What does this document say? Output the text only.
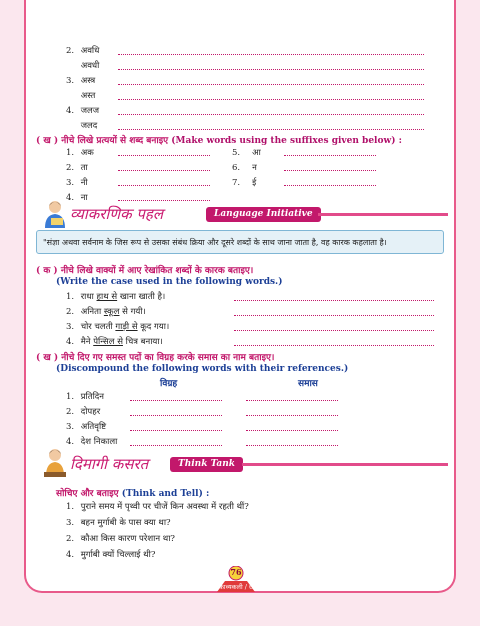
2. अवधि
अवधी
3. अस्त्र
अस्त
4. जलज
जलद
( ख ) नीचे लिखे प्रत्ययों से शब्द बनाइए (Make words using the suffixes given below) :
1. अक
2. ता
3. नी
4. ना
5. आ
6. न
7. ई
व्याकरणिक पहल	Language Initiative
"संज्ञा अथवा सर्वनाम के जिस रूप से उसका संबंध क्रिया और दूसरे शब्दों के साथ जाना जाता है, वह कारक कहलाता है।
( क ) नीचे लिखे वाक्यों में आए रेखांकित शब्दों के कारक बताइए।
(Write the case used in the following words.)
1. राधा हाथ से खाना खाती है।
2. अनिता स्कूल से गयी।
3. चोर चलती गाड़ी से कूद गया।
4. मैने पेन्सिल से चित्र बनाया।
( ख ) नीचे दिए गए समस्त पदों का विग्रह करके समास का नाम बताइए।
(Discompound the following words with their references.)
विग्रह	समास
1. प्रतिदिन
2. दोपहर
3. अतिवृष्टि
4. देश निकाला
दिमागी कसरत	Think Tank
सोचिए और बताइए (Think and Tell) :
1. पुराने समय में पृथ्वी पर चीजें किन अवस्था में रहती थीं?
3. बहन मुर्गाबी के पास क्या था?
2. कौआ किस कारण परेशान था?
4. मुर्गाबी क्यों चिल्लाई थी?
76
काव्यकली / 6
